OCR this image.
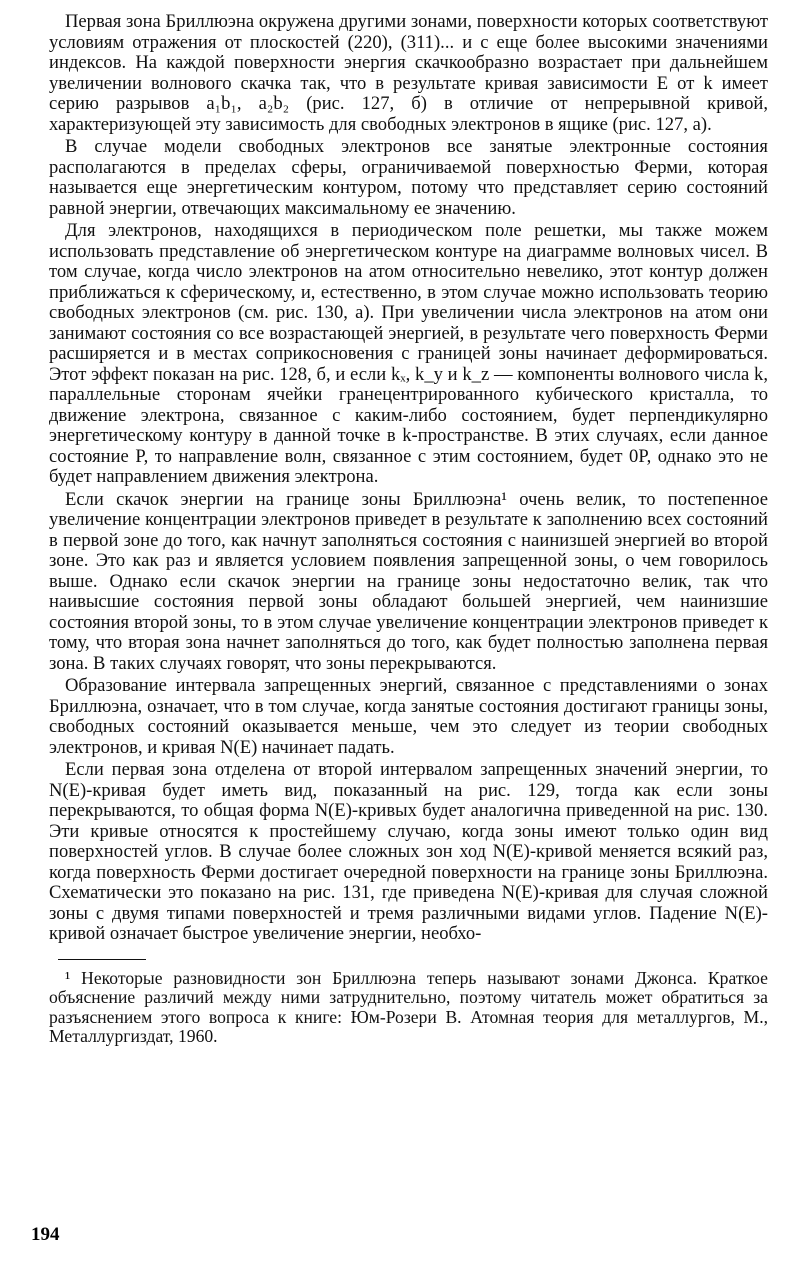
Первая зона Бриллюэна окружена другими зонами, поверхности которых соответствуют условиям отражения от плоскостей (220), (311)... и с еще более высокими значениями индексов. На каждой поверхности энергия скачкообразно возрастает при дальнейшем увеличении волнового скачка так, что в результате кривая зависимости E от k имеет серию разрывов a₁b₁, a₂b₂ (рис. 127, б) в отличие от непрерывной кривой, характеризующей эту зависимость для свободных электронов в ящике (рис. 127, а).

В случае модели свободных электронов все занятые электронные состояния располагаются в пределах сферы, ограничиваемой поверхностью Ферми, которая называется еще энергетическим контуром, потому что представляет серию состояний равной энергии, отвечающих максимальному ее значению.

Для электронов, находящихся в периодическом поле решетки, мы также можем использовать представление об энергетическом контуре на диаграмме волновых чисел. В том случае, когда число электронов на атом относительно невелико, этот контур должен приближаться к сферическому, и, естественно, в этом случае можно использовать теорию свободных электронов (см. рис. 130, а). При увеличении числа электронов на атом они занимают состояния со все возрастающей энергией, в результате чего поверхность Ферми расширяется и в местах соприкосновения с границей зоны начинает деформироваться. Этот эффект показан на рис. 128, б, и если kₓ, k_y и k_z — компоненты волнового числа k, параллельные сторонам ячейки гранецентрированного кубического кристалла, то движение электрона, связанное с каким-либо состоянием, будет перпендикулярно энергетическому контуру в данной точке в k-пространстве. В этих случаях, если данное состояние P, то направление волн, связанное с этим состоянием, будет 0P, однако это не будет направлением движения электрона.

Если скачок энергии на границе зоны Бриллюэна¹ очень велик, то постепенное увеличение концентрации электронов приведет в результате к заполнению всех состояний в первой зоне до того, как начнут заполняться состояния с наинизшей энергией во второй зоне. Это как раз и является условием появления запрещенной зоны, о чем говорилось выше. Однако если скачок энергии на границе зоны недостаточно велик, так что наивысшие состояния первой зоны обладают большей энергией, чем наинизшие состояния второй зоны, то в этом случае увеличение концентрации электронов приведет к тому, что вторая зона начнет заполняться до того, как будет полностью заполнена первая зона. В таких случаях говорят, что зоны перекрываются.

Образование интервала запрещенных энергий, связанное с представлениями о зонах Бриллюэна, означает, что в том случае, когда занятые состояния достигают границы зоны, свободных состояний оказывается меньше, чем это следует из теории свободных электронов, и кривая N(E) начинает падать.

Если первая зона отделена от второй интервалом запрещенных значений энергии, то N(E)-кривая будет иметь вид, показанный на рис. 129, тогда как если зоны перекрываются, то общая форма N(E)-кривых будет аналогична приведенной на рис. 130. Эти кривые относятся к простейшему случаю, когда зоны имеют только один вид поверхностей углов. В случае более сложных зон ход N(E)-кривой меняется всякий раз, когда поверхность Ферми достигает очередной поверхности на границе зоны Бриллюэна. Схематически это показано на рис. 131, где приведена N(E)-кривая для случая сложной зоны с двумя типами поверхностей и тремя различными видами углов. Падение N(E)-кривой означает быстрое увеличение энергии, необхо-

¹ Некоторые разновидности зон Бриллюэна теперь называют зонами Джонса. Краткое объяснение различий между ними затруднительно, поэтому читатель может обратиться за разъяснением этого вопроса к книге: Юм-Розери В. Атомная теория для металлургов, М., Металлургиздат, 1960.

194
